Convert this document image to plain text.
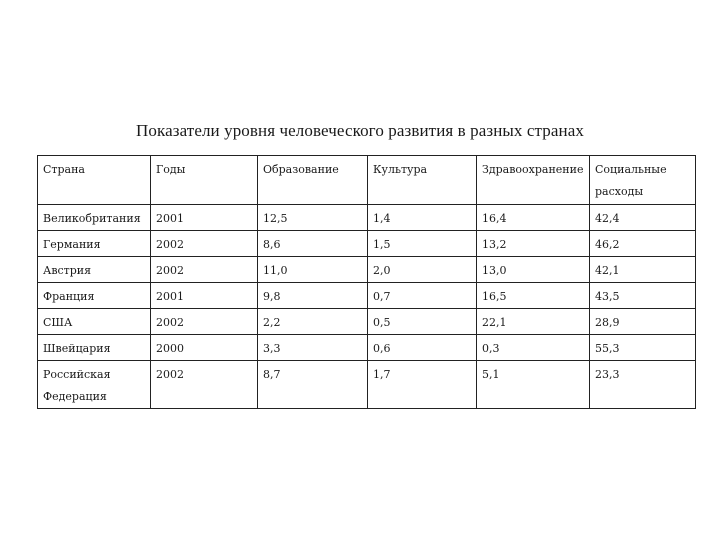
Показатели уровня человеческого развития в разных странах
Страна	Годы	Образование	Культура	Здравоохранение	Социальные расходы
Великобритания	2001	12,5	1,4	16,4	42,4
Германия	2002	8,6	1,5	13,2	46,2
Австрия	2002	11,0	2,0	13,0	42,1
Франция	2001	9,8	0,7	16,5	43,5
США	2002	2,2	0,5	22,1	28,9
Швейцария	2000	3,3	0,6	0,3	55,3
Российская Федерация	2002	8,7	1,7	5,1	23,3
